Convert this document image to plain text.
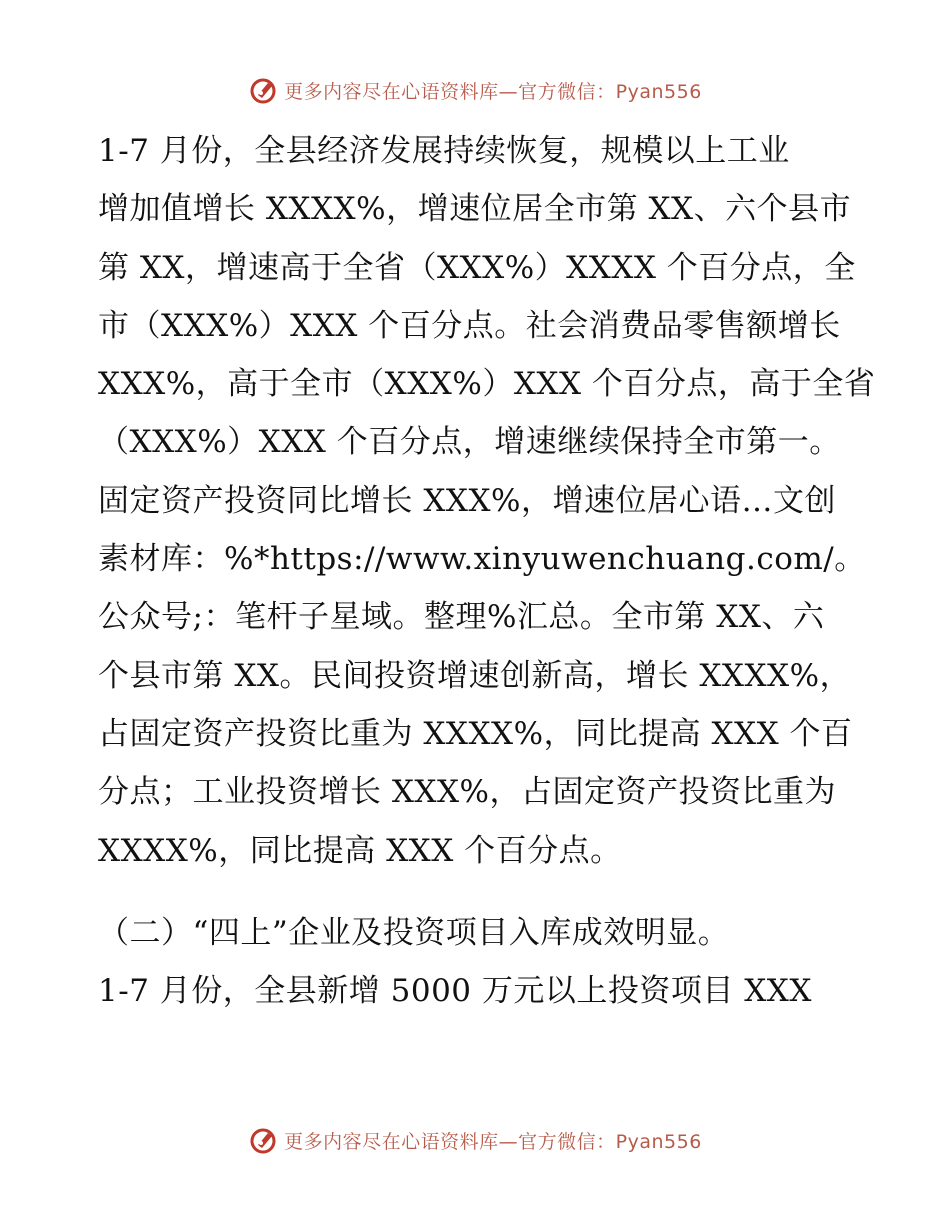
更多内容尽在心语资料库—官方微信：Pyan556
1-7 月份，全县经济发展持续恢复，规模以上工业
增加值增长 XXXX%，增速位居全市第 XX、六个县市
第 XX，增速高于全省（XXX%）XXXX 个百分点，全
市（XXX%）XXX 个百分点。社会消费品零售额增长
XXX%，高于全市（XXX%）XXX 个百分点，高于全省
（XXX%）XXX 个百分点，增速继续保持全市第一。
固定资产投资同比增长 XXX%，增速位居心语…文创
素材库：%*https://www.xinyuwenchuang.com/。
公众号;：笔杆子星域。整理%汇总。全市第 XX、六
个县市第 XX。民间投资增速创新高，增长 XXXX%，
占固定资产投资比重为 XXXX%，同比提高 XXX 个百
分点；工业投资增长 XXX%，占固定资产投资比重为
XXXX%，同比提高 XXX 个百分点。
（二）“四上”企业及投资项目入库成效明显。
1-7 月份，全县新增 5000 万元以上投资项目 XXX
更多内容尽在心语资料库—官方微信：Pyan556
